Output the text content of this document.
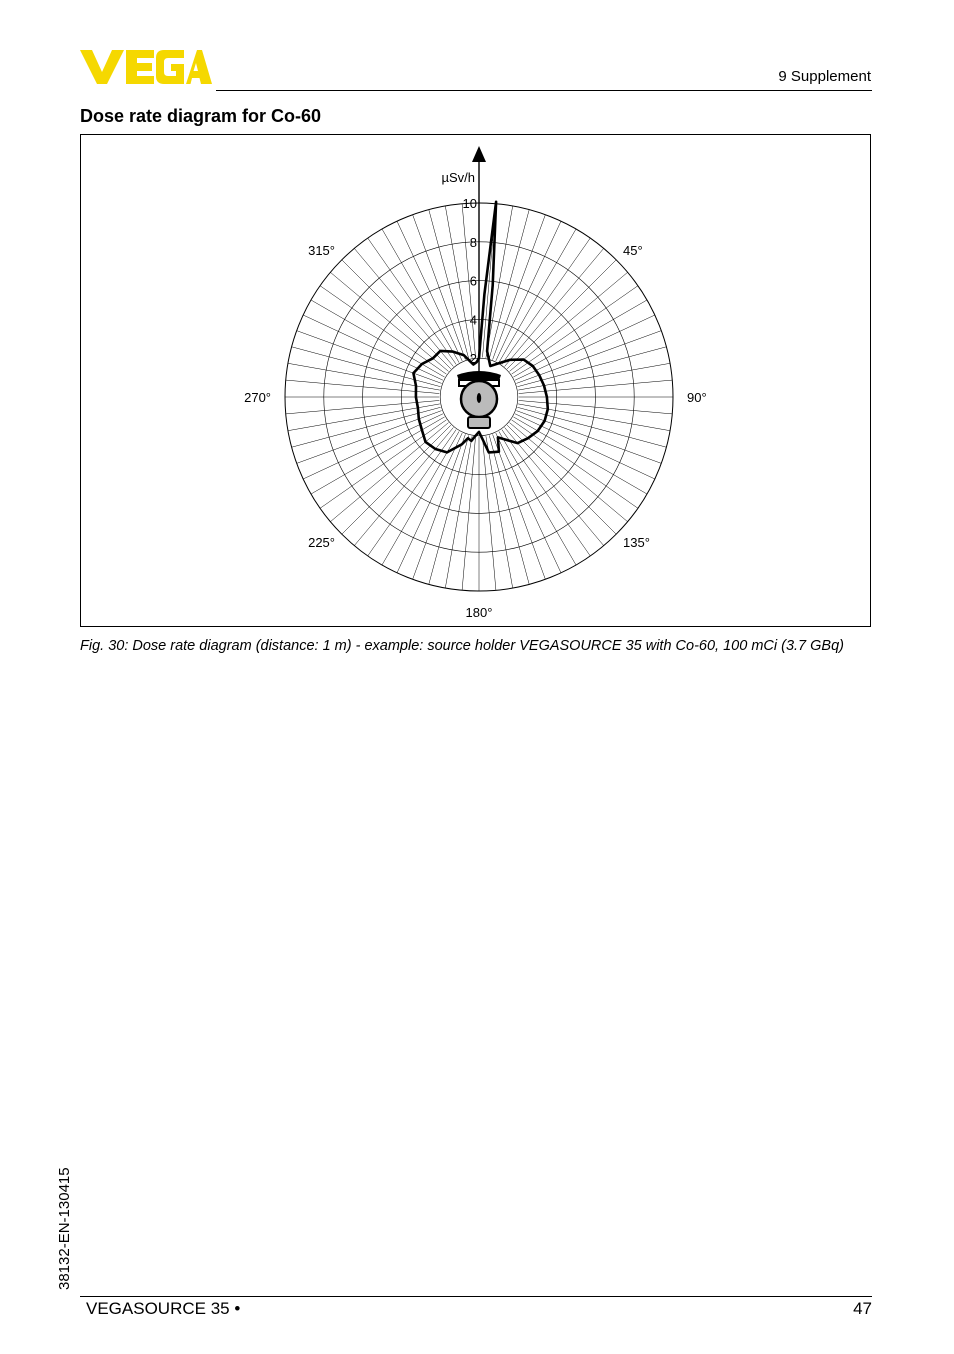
9 Supplement
Dose rate diagram for Co-60
2
4
6
8
10
µSv/h
45°
90°
135°
180°
225°
270°
315°
Fig. 30: Dose rate diagram (distance: 1 m) - example: source holder VEGASOURCE 35 with Co-60, 100 mCi (3.7 GBq)
VEGASOURCE 35 •	47
38132-EN-130415
